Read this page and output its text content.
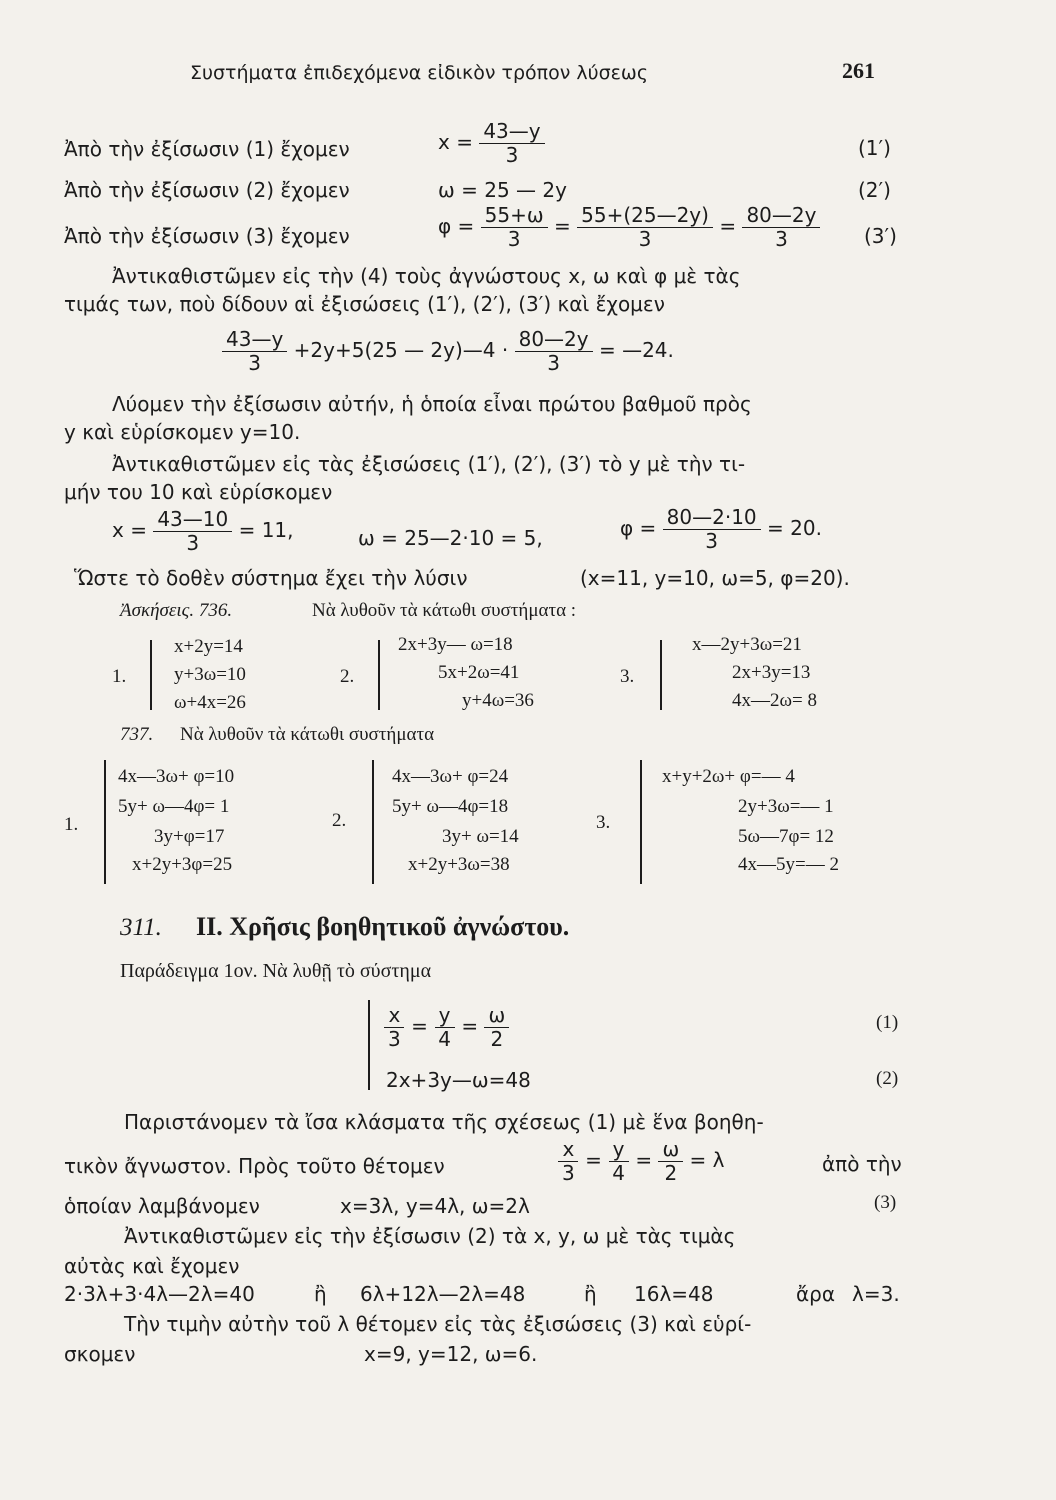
Συστήματα ἐπιδεχόμενα εἰδικὸν τρόπον λύσεως	261
Ἀπὸ τὴν ἐξίσωσιν (1) ἔχομεν	$x = \frac{43—y}{3}$	(1′)
Ἀπὸ τὴν ἐξίσωσιν (2) ἔχομεν	ω = 25 — 2y	(2′)
Ἀπὸ τὴν ἐξίσωσιν (3) ἔχομεν	$\varphi = \frac{55+\omega}{3} = \frac{55+(25—2y)}{3} = \frac{80—2y}{3} (3')$
Ἀντικαθιστῶμεν εἰς τὴν (4) τοὺς ἀγνώστους x, ω καὶ φ μὲ τὰς
τιμάς των, ποὺ δίδουν αἱ ἐξισώσεις (1′), (2′), (3′) καὶ ἔχομεν
$\frac{43—y}{3} +2y+5(25$ — 2y)—4 · $\frac{80—2y}{3}$ = —24.
Λύομεν τὴν ἐξίσωσιν αὐτήν, ἡ ὁποία εἶναι πρώτου βαθμοῦ πρὸς
y καὶ εὑρίσκομεν y=10.
Ἀντικαθιστῶμεν εἰς τὰς ἐξισώσεις (1′), (2′), (3′) τὸ y μὲ τὴν τι-
μήν του 10 καὶ εὑρίσκομεν
$x = \frac{43—10}{3} = 11$,	ω = 25—2·10 = 5,	$\varphi = \frac{80—2\cdot 10}{3} = 20$.
Ὥστε τὸ δοθὲν σύστημα ἔχει τὴν λύσιν	(x=11, y=10, ω=5, φ=20).
Ἀσκήσεις. 736.	Νὰ λυθοῦν τὰ κάτωθι συστήματα :
1.
x+2y=14
y+3ω=10
ω+4x=26
2.
2x+3y— ω=18
5x+2ω=41
y+4ω=36
3.
x—2y+3ω=21
2x+3y=13
4x—2ω= 8
737. Νὰ λυθοῦν τὰ κάτωθι συστήματα
1.
4x—3ω+ φ=10
5y+ ω—4φ= 1
3y+φ=17
x+2y+3φ=25
2.
4x—3ω+ φ=24
5y+ ω—4φ=18
3y+ ω=14
x+2y+3ω=38
3.
x+y+2ω+ φ=— 4
2y+3ω=— 1
5ω—7φ= 12
4x—5y=— 2
311. II. Χρῆσις βοηθητικοῦ ἀγνώστου.
Παράδειγμα 1ον. Νὰ λυθῇ τὸ σύστημα
$\frac{x}{3} = \frac{y}{4} = \frac{\omega}{2}$	(1)
2x+3y—ω=48	(2)
Παριστάνομεν τὰ ἴσα κλάσματα τῆς σχέσεως (1) μὲ ἕνα βοηθη-
τικὸν ἄγνωστον. Πρὸς τοῦτο θέτομεν	$\frac{x}{3} = \frac{y}{4} = \frac{\omega}{2} = \lambda$	ἀπὸ τὴν
ὁποίαν λαμβάνομεν	x=3λ, y=4λ, ω=2λ	(3)
Ἀντικαθιστῶμεν εἰς τὴν ἐξίσωσιν (2) τὰ x, y, ω μὲ τὰς τιμὰς
αὐτὰς καὶ ἔχομεν
2·3λ+3·4λ—2λ=40	ἢ 6λ+12λ—2λ=48	ἢ 16λ=48	ἄρα λ=3.
Τὴν τιμὴν αὐτὴν τοῦ λ θέτομεν εἰς τὰς ἐξισώσεις (3) καὶ εὑρί-
σκομεν	x=9, y=12, ω=6.
